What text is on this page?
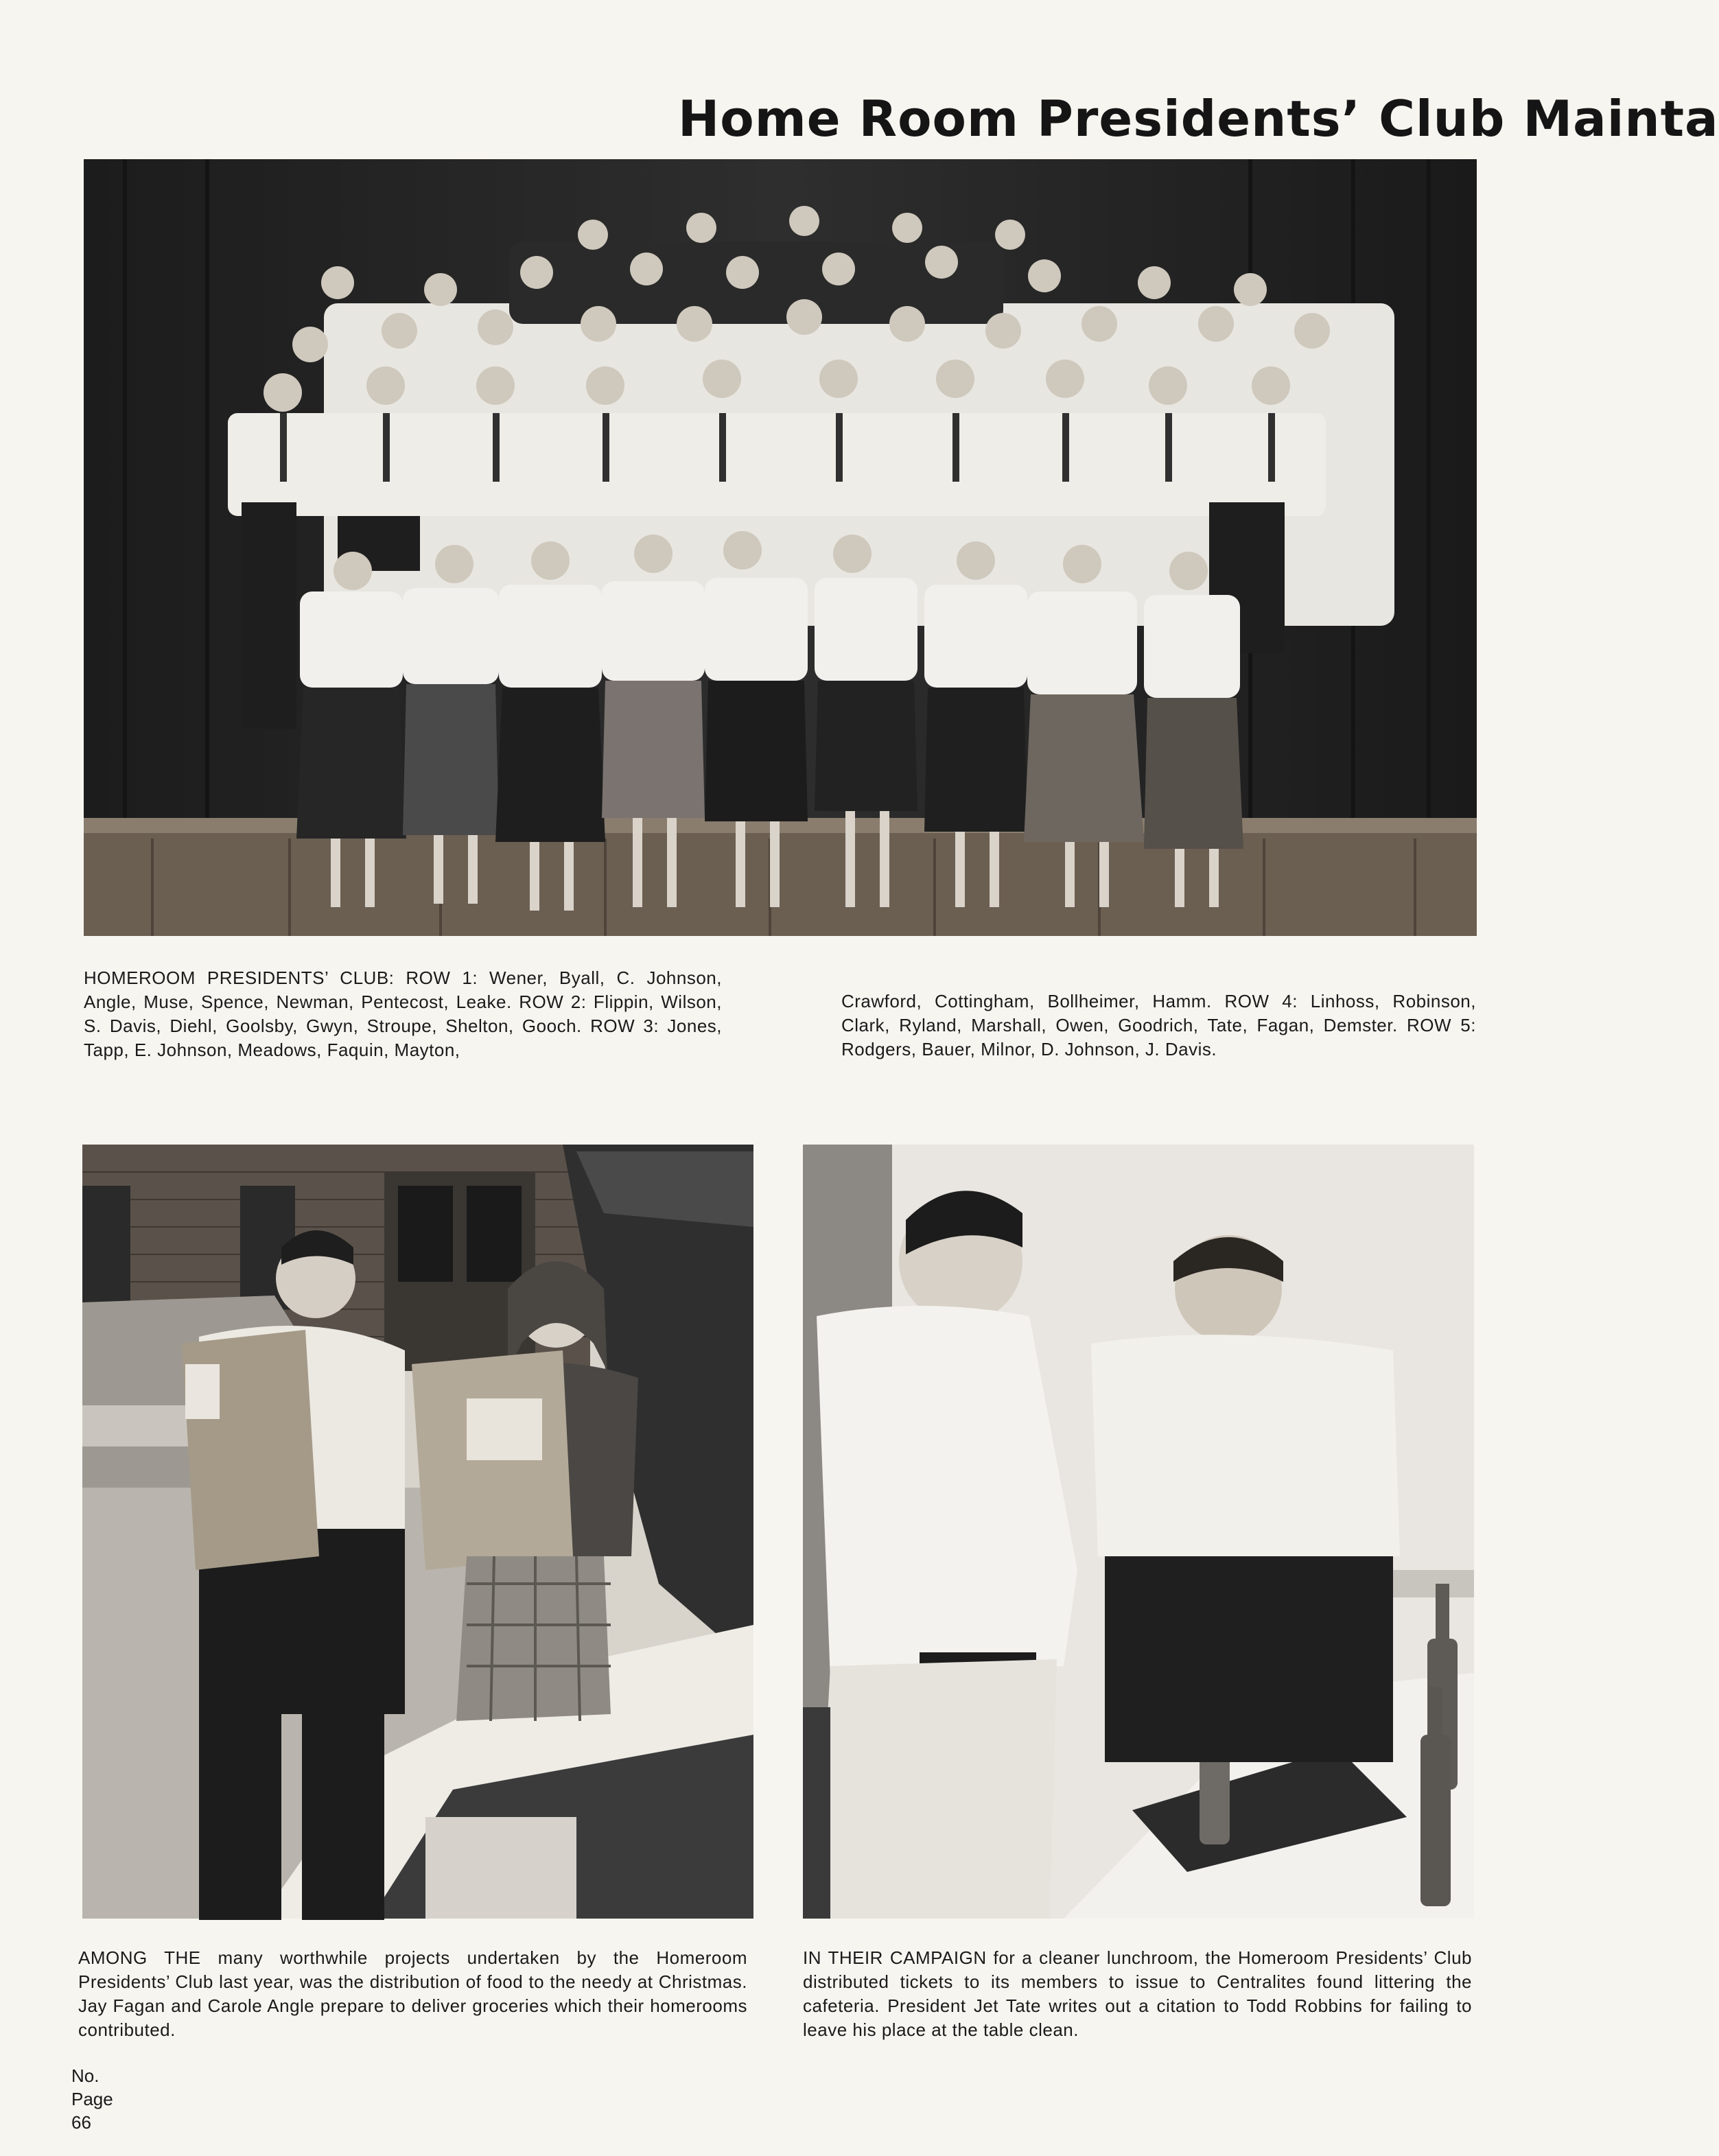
Home Room Presidents’ Club Mainta
HOMEROOM PRESIDENTS’ CLUB: ROW 1: Wener, Byall, C. Johnson, Angle, Muse, Spence, Newman, Pentecost, Leake. ROW 2: Flippin, Wilson, S. Davis, Diehl, Goolsby, Gwyn, Stroupe, Shelton, Gooch. ROW 3: Jones, Tapp, E. Johnson, Meadows, Faquin, Mayton,
Crawford, Cottingham, Bollheimer, Hamm. ROW 4: Linhoss, Robinson, Clark, Ryland, Marshall, Owen, Goodrich, Tate, Fagan, Demster. ROW 5: Rodgers, Bauer, Milnor, D. Johnson, J. Davis.
AMONG THE many worthwhile projects undertaken by the Homeroom Presidents’ Club last year, was the distribution of food to the needy at Christmas. Jay Fagan and Carole Angle prepare to deliver groceries which their homerooms contributed.
IN THEIR CAMPAIGN for a cleaner lunchroom, the Homeroom Presidents’ Club distributed tickets to its members to issue to Centralites found littering the cafeteria. President Jet Tate writes out a citation to Todd Robbins for failing to leave his place at the table clean.
No.
Page
66
